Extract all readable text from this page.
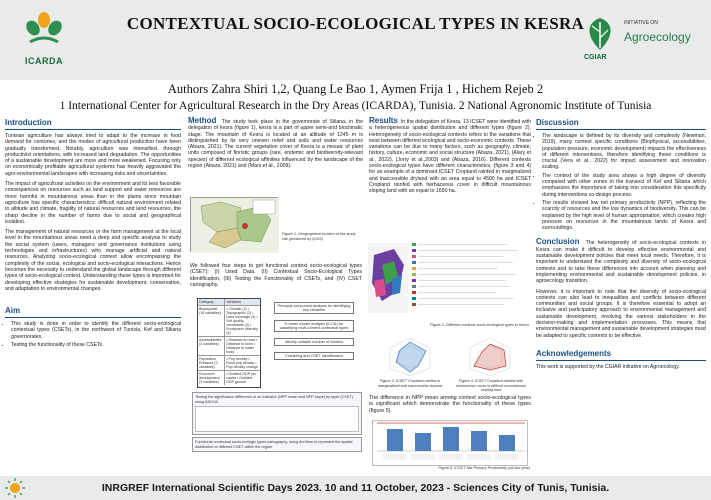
ICARDA
CONTEXTUAL SOCIO-ECOLOGICAL TYPES IN KESRA
CGIAR
INITIATIVE ON
Agroecology
Authors Zahra Shiri 1,2, Quang Le Bao 1, Aymen Frija 1 , Hichem Rejeb 2
1 International Center for Agricultural Research in the Dry Areas (ICARDA), Tunisia. 2 National Agronomic Institute of Tunisia
Introduction

Tunisian agriculture has always tried to adapt to the increase in food demand for centuries, and the modes of agricultural production have been gradually transformed. Notably, agriculture was intensified, through productivist orientations, with increased land degradation. The opportunities of a sustainable development are more and more weakened. Focusing only on economically profitable agricultural systems has heavily aggravated the agro-environmental landscapes with increasing risks and uncertainties.

The impact of agricultural activities on the environment and its less favorable consequences on resources such as land support and water resources are more harmful in mountainous areas than in the plains since mountain agriculture has specific characteristics: difficult natural environment related to altitude and climate, fragility of natural resources and land resources, the sharp decline in the number of farms due to social and geographical isolation.

The management of natural resources or the farm management at the local level in the mountainous areas need a deep and specific analysis to study the social system (users, managers and governance institutions using technologies and infrastructures) who manage artificial and natural resources. Analyzing socio-ecological context allow encompassing the complexity of the social, ecological and socio-ecological interactions. Hence becomes the necessity to understand the global landscape through different types of socio-ecological context. Understanding these types is important for developing effective strategies for sustainable development, conservation, and adaptation to environmental changes.

Aim
• This study is done in order to identify the different socio-ecological contextual types (CSETs), in the northwest of Tunisia, Kef and Siliana governorates.
• Testing the functionality of these CSETs.

Method The study took place in the governorate of Siliana, in the delegation of kesra (figure 1), kesra is a part of upper semi-arid bioclimatic stage. The mountain of Kesra is located at an altitude of 1245 m is distinguished by its very uneven relief and soils and water resources (Abaza, 2021). The current vegetation cover of Kesra is a mosaic of plant units composed of floristic groups (rare, endemic and biodiversity-relevant species) of different ecological affinities influenced by the landscape of the region (Abaza, 2021) and (Mars et al., 2009).

Figure 1. Geographical location of the study site (produced by QGIS)

We followed four steps to get functional context socio-ecological types (CSET): (I) Used Data, (II) Contextual Socio-Ecological Types identification, (III) Testing the Functionality of CSETs, and (IV) CSET cartography.

Category	Variables
Biophysical (16 variables)
• Climatic (3) • Topographic (2) • Land coverage (4) • Soil quality constraints (3) • Ecosystem diversity (4)
Accessibilities (3 variables)
• Distance to road • Distance to town • Distance to water body
Population Pressure (3 variables)
• Pop density • Rural pop density • Pop density change
Economic development (3 variables)
• Gridded GDP per capita • Gridded GDP growth
Principal component analysis for identifying key variables
K-mean cluster analysis (K-CA) for classifying multi-context contextual types
Identify suitable number of clusters
Clustering and CSET identification
Testing the significance difference of an indicator (NPP mean and NPP slope) by layer (CSET) using ANOVA
Functional contextual socio-ecologic types cartography, using ArcView to represent the spatial distribution of different CSET within the region.

Results In the delegation of Kesra, 13 ICSET were identified with a heterogeneous spatial distribution and different types (figure 2). Heterogeneity of socio-ecological contexts refers to the variations that exist between different ecological and socio-economic contexts. These variations can be due to many factors, such as geography, climate, history, culture, economic and social structure (Abaza, 2021), (Alary et al., 2022), (Jorry et al.,2003) and (Abaza, 2016). Different contexts socio-ecological types have different characteristics, (figure 3 and 4) for an example of a dominant ICSET Cropland rainfed in marginalized and inaccessible dryland with an area equal to 4500 ha and ICSET Cropland rainfed with herbaceous cover in difficult mountainous sloping land with an equal to 1690 ha.

Figure 2. Different contexts socio-ecological types in Kesra
Figure 3. ICSET Cropland rainfed in marginalized and inaccessible dryland
Figure 4. ICSET Cropland rainfed with herbaceous cover in difficult mountainous sloping land

The difference in NPP mean among context socio-ecological types is significant which demonstrate the functionality of these types (figure 5)

Figure 5. ICSET Net Primary Productivity (all last year)
Discussion
• The landscape is defined by its diversity and complexity (Newman, 2019), many context specific conditions (Biophysical, accessibilities, population pressure, economic development) impacts the effectiveness of different interventions, therefore identifying these conditions is crucial (Vera et al., 2022) for impact assessment and innovation scaling.
• The context of the study area shows a high degree of diversity compared with other zones in the transect of Kef and Siliana which emphasizes the importance of taking into consideration this specificity during interventions co-design process.
• The results showed low net primary productivity (NPP), reflecting the scarcity of resources and the low dynamics of biodiversity. This can be explained by the high level of human appropriation, which creates high pressure on resources in the mountainous lands of Kesra and surroundings.

Conclusion The heterogeneity of socio-ecological contexts in Kesra can make it difficult to develop effective environmental and sustainable development policies that meet local needs. Therefore, it is important to understand the complexity and diversity of socio-ecological contexts and to take these differences into account when planning and implementing environmental and sustainable development policies, in agroecology transition.

However, it is important to note that the diversity of socio-ecological contexts can also lead to inequalities and conflicts between different communities and social groups. It is therefore essential to adopt an inclusive and participatory approach to environmental management and sustainable development, involving the various stakeholders in the decision-making and implementation processes. This means that environmental management and sustainable development strategies must be adapted to specific contexts to be effective.

Acknowledgements

This work is supported by the CGIAR initiative on Agroecology.

INRGREF International Scientific Days 2023. 10 and 11 October, 2023 - Sciences City of Tunis, Tunisia.
